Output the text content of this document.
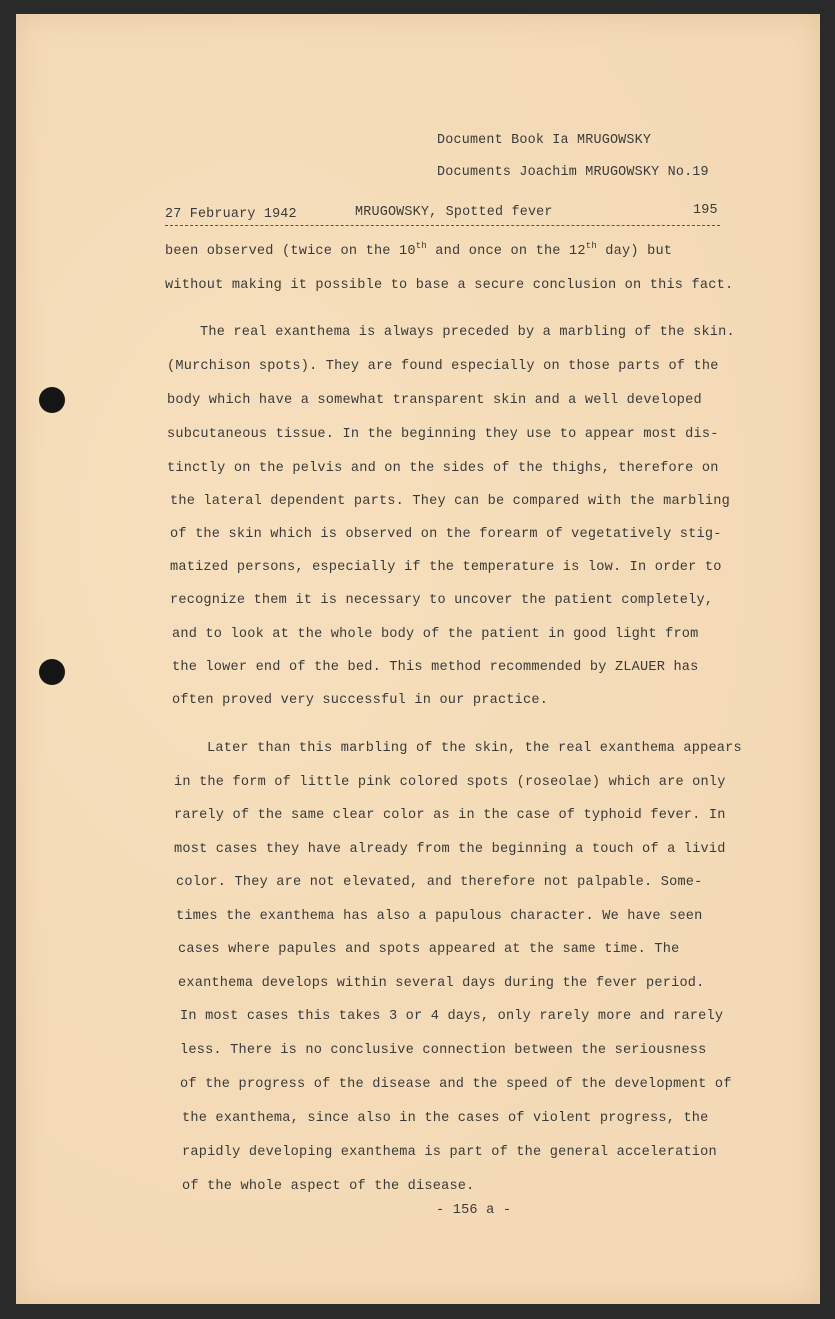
Document Book Ia MRUGOWSKY
Documents Joachim MRUGOWSKY No.19
27 February 1942	MRUGOWSKY, Spotted fever	195
been observed (twice on the 10th and once on the 12th day) but
without making it possible to base a secure conclusion on this fact.
The real exanthema is always preceded by a marbling of the skin.
(Murchison spots). They are found especially on those parts of the
body which have a somewhat transparent skin and a well developed
subcutaneous tissue. In the beginning they use to appear most dis-
tinctly on the pelvis and on the sides of the thighs, therefore on
the lateral dependent parts. They can be compared with the marbling
of the skin which is observed on the forearm of vegetatively stig-
matized persons, especially if the temperature is low. In order to
recognize them it is necessary to uncover the patient completely,
and to look at the whole body of the patient in good light from
the lower end of the bed. This method recommended by ZLAUER has
often proved very successful in our practice.
Later than this marbling of the skin, the real exanthema appears
in the form of little pink colored spots (roseolae) which are only
rarely of the same clear color as in the case of typhoid fever. In
most cases they have already from the beginning a touch of a livid
color. They are not elevated, and therefore not palpable. Some-
times the exanthema has also a papulous character. We have seen
cases where papules and spots appeared at the same time. The
exanthema develops within several days during the fever period.
In most cases this takes 3 or 4 days, only rarely more and rarely
less. There is no conclusive connection between the seriousness
of the progress of the disease and the speed of the development of
the exanthema, since also in the cases of violent progress, the
rapidly developing exanthema is part of the general acceleration
of the whole aspect of the disease.
- 156 a -
